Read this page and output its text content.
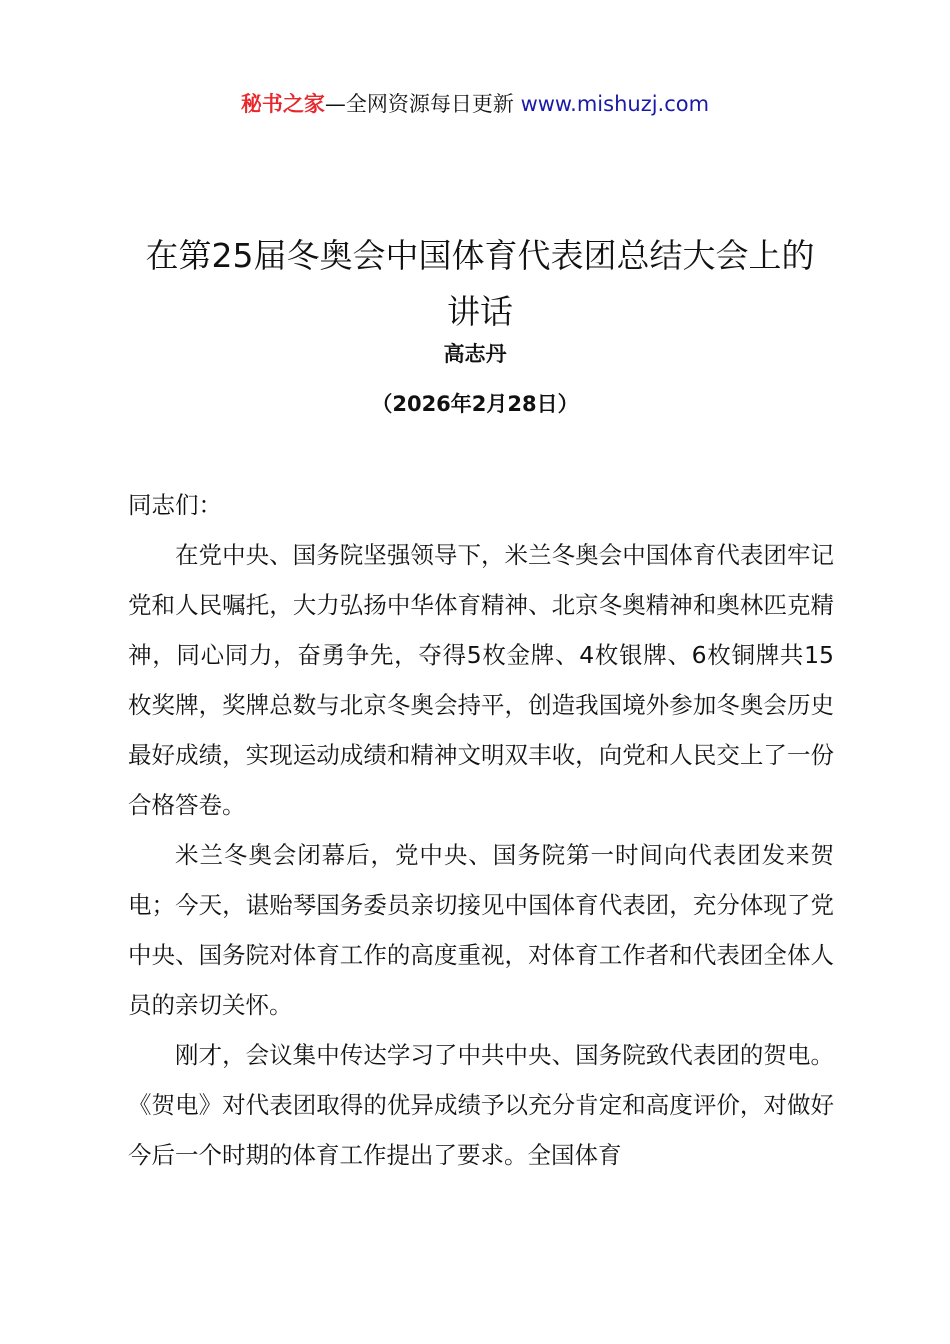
秘书之家—全网资源每日更新 www.mishuzj.com
在第25届冬奥会中国体育代表团总结大会上的讲话
高志丹
（2026年2月28日）

同志们：

在党中央、国务院坚强领导下，米兰冬奥会中国体育代表团牢记党和人民嘱托，大力弘扬中华体育精神、北京冬奥精神和奥林匹克精神，同心同力，奋勇争先，夺得5枚金牌、4枚银牌、6枚铜牌共15枚奖牌，奖牌总数与北京冬奥会持平，创造我国境外参加冬奥会历史最好成绩，实现运动成绩和精神文明双丰收，向党和人民交上了一份合格答卷。

米兰冬奥会闭幕后，党中央、国务院第一时间向代表团发来贺电；今天，谌贻琴国务委员亲切接见中国体育代表团，充分体现了党中央、国务院对体育工作的高度重视，对体育工作者和代表团全体人员的亲切关怀。

刚才，会议集中传达学习了中共中央、国务院致代表团的贺电。《贺电》对代表团取得的优异成绩予以充分肯定和高度评价，对做好今后一个时期的体育工作提出了要求。全国体育
